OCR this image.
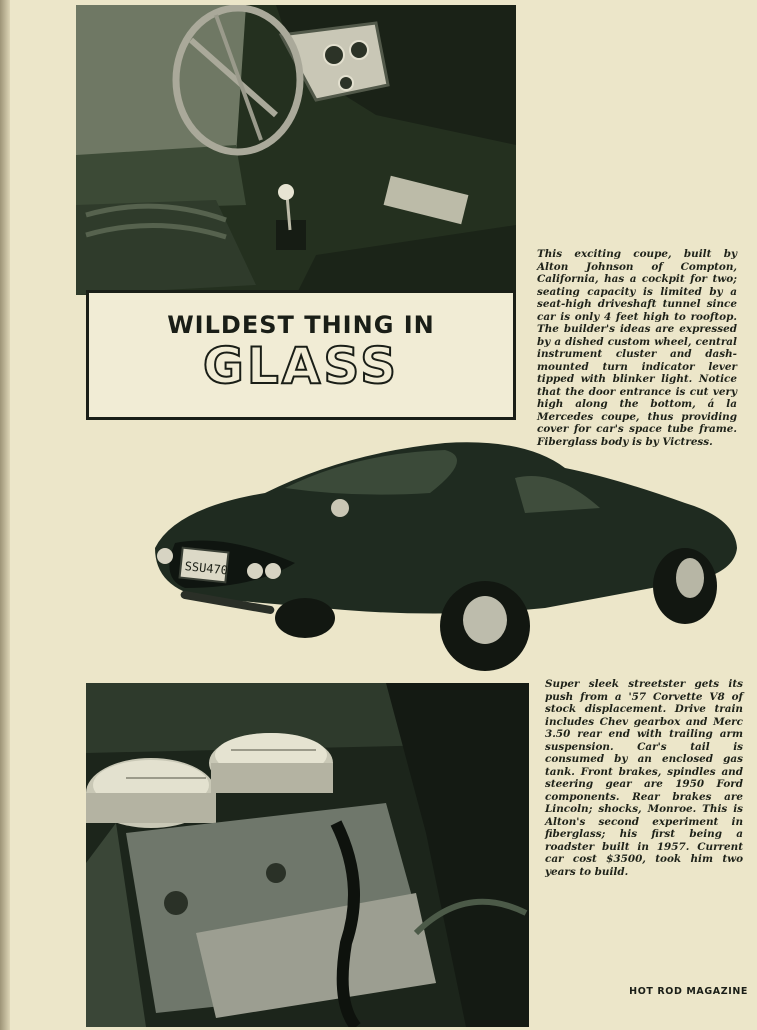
WILDEST THING IN
GLASS
This exciting coupe, built by Alton Johnson of Compton, California, has a cockpit for two; seating capacity is limited by a seat-high driveshaft tunnel since car is only 4 feet high to rooftop. The builder's ideas are expressed by a dished custom wheel, central instrument cluster and dash-mounted turn indicator lever tipped with blinker light. Notice that the door entrance is cut very high along the bottom, á la Mercedes coupe, thus providing cover for car's space tube frame. Fiberglass body is by Victress.
SSU470
Super sleek streetster gets its push from a '57 Corvette V8 of stock displacement. Drive train includes Chev gearbox and Merc 3.50 rear end with trailing arm suspension. Car's tail is consumed by an enclosed gas tank. Front brakes, spindles and steering gear are 1950 Ford components. Rear brakes are Lincoln; shocks, Monroe. This is Alton's second experiment in fiberglass; his first being a roadster built in 1957. Current car cost $3500, took him two years to build.
HOT ROD MAGAZINE
